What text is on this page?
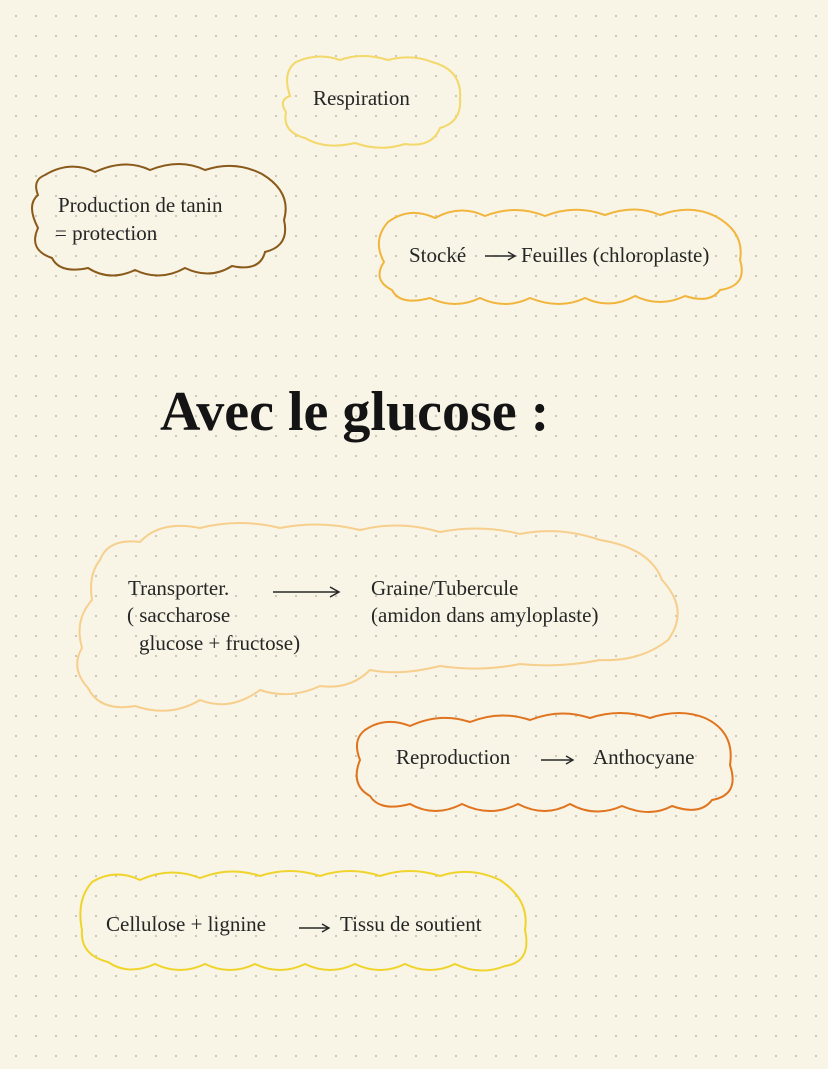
Respiration
Production de tanin
= protection
Stocké	Feuilles (chloroplaste)
Avec le glucose :
Transporter.
( saccharose
glucose + fructose)
Graine/Tubercule
(amidon dans amyloplaste)
Reproduction	Anthocyane
Cellulose + lignine	Tissu de soutient
